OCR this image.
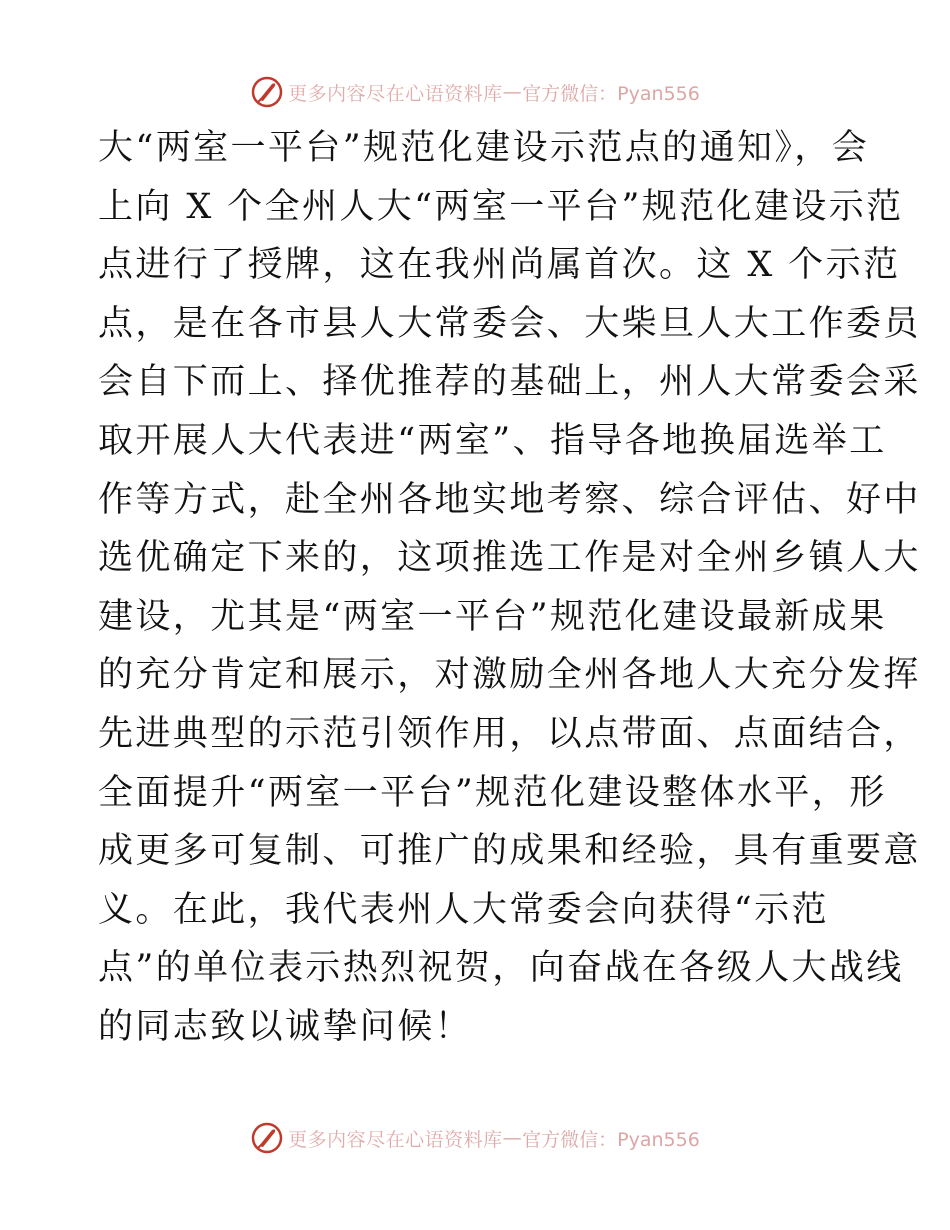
更多内容尽在心语资料库 — 官方微信：Pyan556
大“两室一平台”规范化建设示范点的通知》，会
上向 X 个全州人大“两室一平台”规范化建设示范
点进行了授牌，这在我州尚属首次。这 X 个示范
点，是在各市县人大常委会、大柴旦人大工作委员
会自下而上、择优推荐的基础上，州人大常委会采
取开展人大代表进“两室”、指导各地换届选举工
作等方式，赴全州各地实地考察、综合评估、好中
选优确定下来的，这项推选工作是对全州乡镇人大
建设，尤其是“两室一平台”规范化建设最新成果
的充分肯定和展示，对激励全州各地人大充分发挥
先进典型的示范引领作用，以点带面、点面结合，
全面提升“两室一平台”规范化建设整体水平，形
成更多可复制、可推广的成果和经验，具有重要意
义。在此，我代表州人大常委会向获得“示范
点”的单位表示热烈祝贺，向奋战在各级人大战线
的同志致以诚挚问候！
更多内容尽在心语资料库 — 官方微信：Pyan556
